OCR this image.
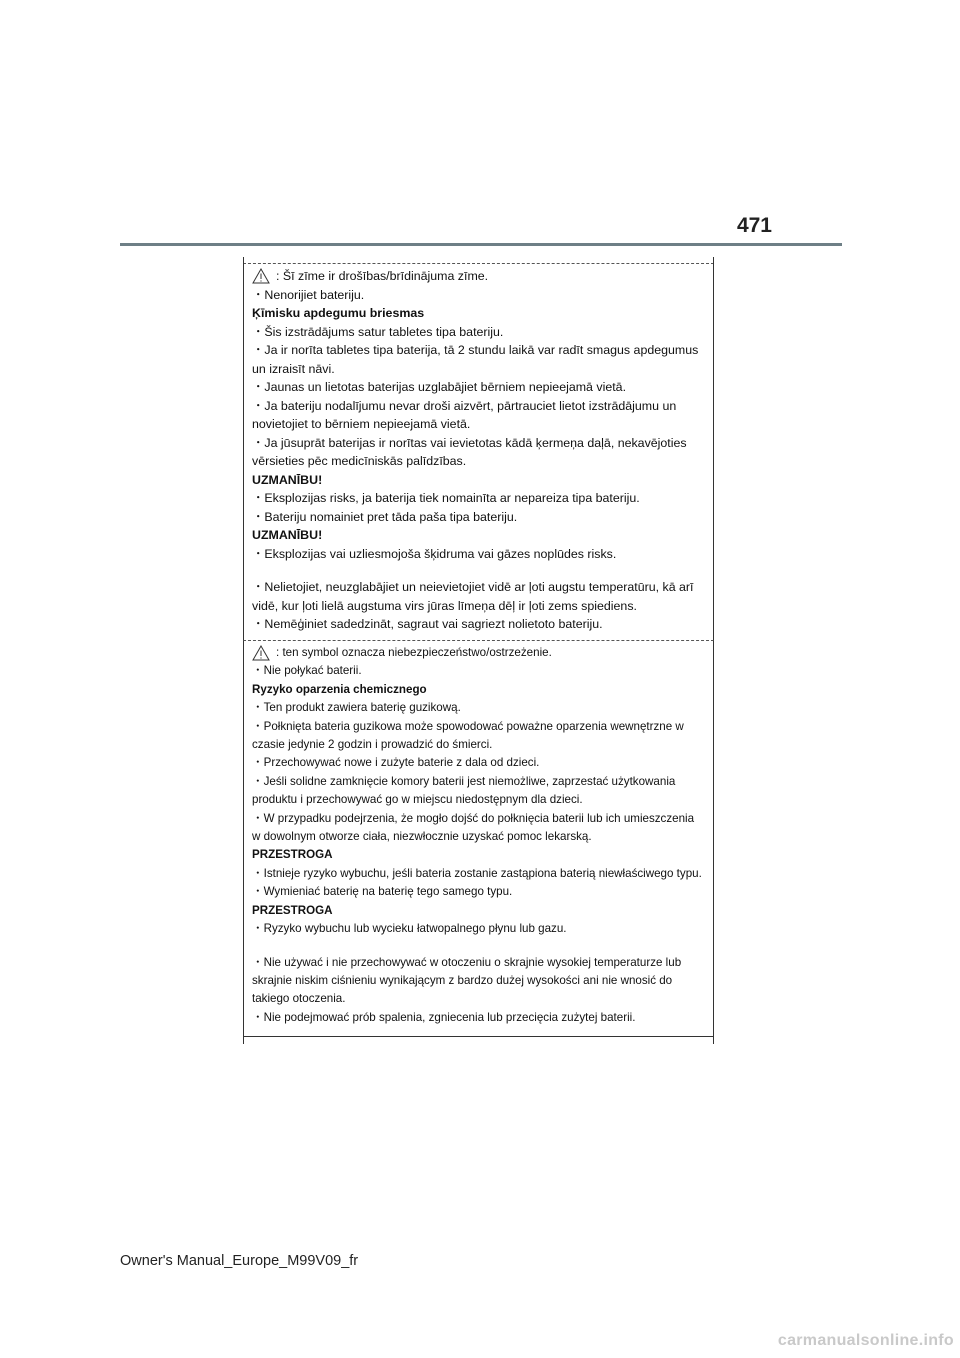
471
: Šī zīme ir drošības/brīdinājuma zīme.
・Nenorijiet bateriju.
Ķīmisku apdegumu briesmas
・Šis izstrādājums satur tabletes tipa bateriju.
・Ja ir norīta tabletes tipa baterija, tā 2 stundu laikā var radīt smagus apdegumus un izraisīt nāvi.
・Jaunas un lietotas baterijas uzglabājiet bērniem nepieejamā vietā.
・Ja bateriju nodalījumu nevar droši aizvērt, pārtrauciet lietot izstrādājumu un novietojiet to bērniem nepieejamā vietā.
・Ja jūsuprāt baterijas ir norītas vai ievietotas kādā ķermeņa daļā, nekavējoties vērsieties pēc medicīniskās palīdzības.
UZMANĪBU!
・Eksplozijas risks, ja baterija tiek nomainīta ar nepareiza tipa bateriju.
・Bateriju nomainiet pret tāda paša tipa bateriju.
UZMANĪBU!
・Eksplozijas vai uzliesmojoša šķidruma vai gāzes noplūdes risks.
・Nelietojiet, neuzglabājiet un neievietojiet vidē ar ļoti augstu temperatūru, kā arī vidē, kur ļoti lielā augstuma virs jūras līmeņa dēļ ir ļoti zems spiediens.
・Nemēģiniet sadedzināt, sagraut vai sagriezt nolietoto bateriju.
: ten symbol oznacza niebezpieczeństwo/ostrzeżenie.
・Nie połykać baterii.
Ryzyko oparzenia chemicznego
・Ten produkt zawiera baterię guzikową.
・Połknięta bateria guzikowa może spowodować poważne oparzenia wewnętrzne w czasie jedynie 2 godzin i prowadzić do śmierci.
・Przechowywać nowe i zużyte baterie z dala od dzieci.
・Jeśli solidne zamknięcie komory baterii jest niemożliwe, zaprzestać użytkowania produktu i przechowywać go w miejscu niedostępnym dla dzieci.
・W przypadku podejrzenia, że mogło dojść do połknięcia baterii lub ich umieszczenia w dowolnym otworze ciała, niezwłocznie uzyskać pomoc lekarską.
PRZESTROGA
・Istnieje ryzyko wybuchu, jeśli bateria zostanie zastąpiona baterią niewłaściwego typu.
・Wymieniać baterię na baterię tego samego typu.
PRZESTROGA
・Ryzyko wybuchu lub wycieku łatwopalnego płynu lub gazu.
・Nie używać i nie przechowywać w otoczeniu o skrajnie wysokiej temperaturze lub skrajnie niskim ciśnieniu wynikającym z bardzo dużej wysokości ani nie wnosić do takiego otoczenia.
・Nie podejmować prób spalenia, zgniecenia lub przecięcia zużytej baterii.
Owner's Manual_Europe_M99V09_fr
carmanualsonline.info
